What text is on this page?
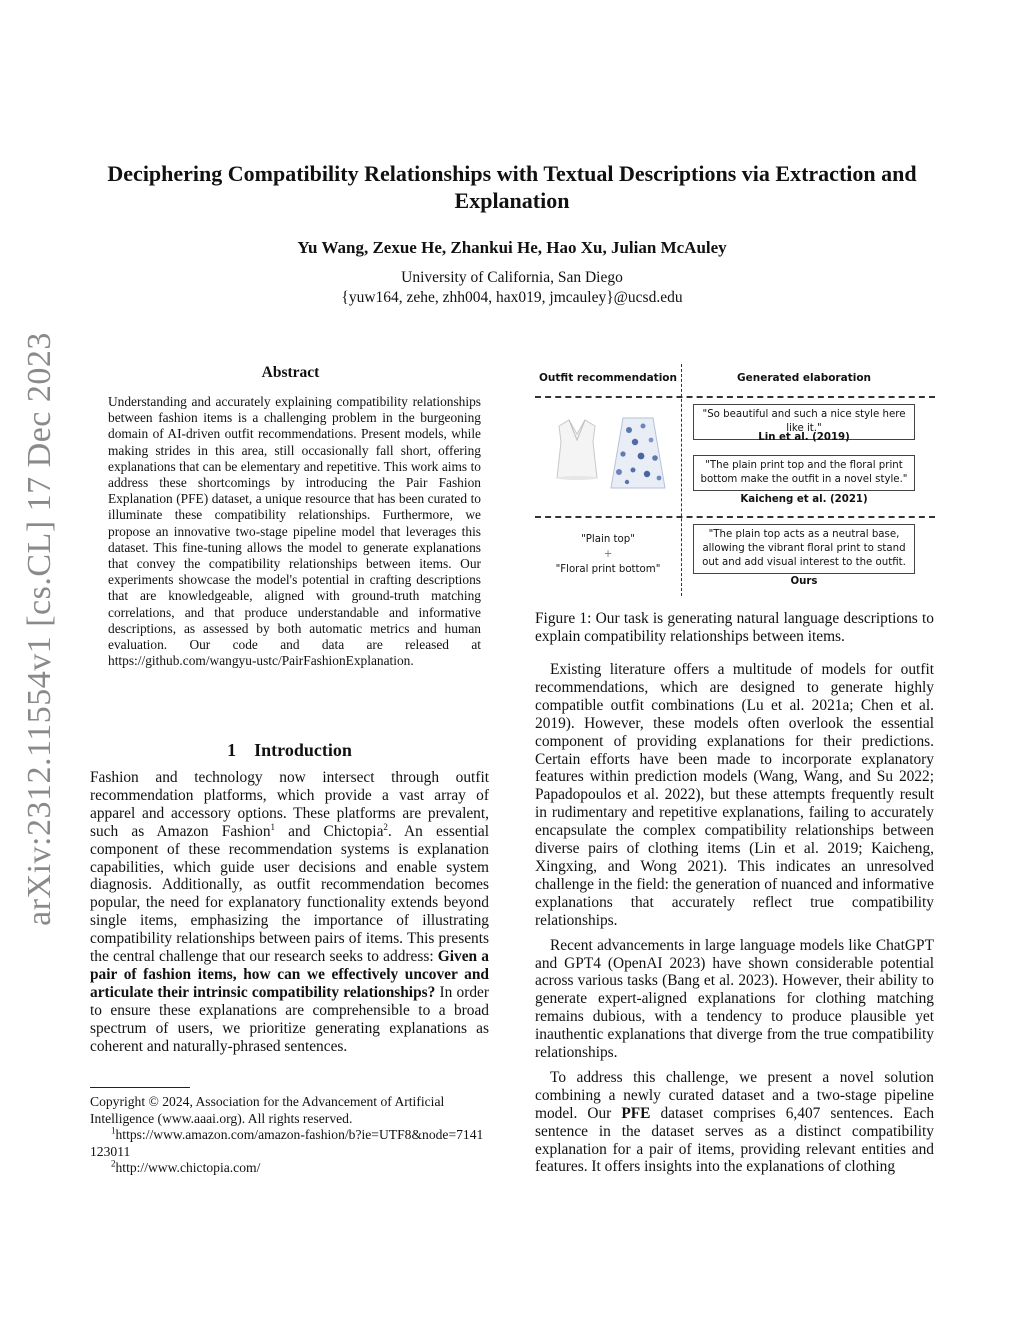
arXiv:2312.11554v1 [cs.CL] 17 Dec 2023
Deciphering Compatibility Relationships with Textual Descriptions via Extraction and Explanation
Yu Wang, Zexue He, Zhankui He, Hao Xu, Julian McAuley
University of California, San Diego
{yuw164, zehe, zhh004, hax019, jmcauley}@ucsd.edu
Abstract
Understanding and accurately explaining compatibility relationships between fashion items is a challenging problem in the burgeoning domain of AI-driven outfit recommendations. Present models, while making strides in this area, still occasionally fall short, offering explanations that can be elementary and repetitive. This work aims to address these shortcomings by introducing the Pair Fashion Explanation (PFE) dataset, a unique resource that has been curated to illuminate these compatibility relationships. Furthermore, we propose an innovative two-stage pipeline model that leverages this dataset. This fine-tuning allows the model to generate explanations that convey the compatibility relationships between items. Our experiments showcase the model's potential in crafting descriptions that are knowledgeable, aligned with ground-truth matching correlations, and that produce understandable and informative descriptions, as assessed by both automatic metrics and human evaluation. Our code and data are released at https://github.com/wangyu-ustc/PairFashionExplanation.
1 Introduction

Fashion and technology now intersect through outfit recommendation platforms, which provide a vast array of apparel and accessory options. These platforms are prevalent, such as Amazon Fashion$^1$ and Chictopia$^2$. An essential component of these recommendation systems is explanation capabilities, which guide user decisions and enable system diagnosis. Additionally, as outfit recommendation becomes popular, the need for explanatory functionality extends beyond single items, emphasizing the importance of illustrating compatibility relationships between pairs of items. This presents the central challenge that our research seeks to address: Given a pair of fashion items, how can we effectively uncover and articulate their intrinsic compatibility relationships? In order to ensure these explanations are comprehensible to a broad spectrum of users, we prioritize generating explanations as coherent and naturally-phrased sentences.

Copyright © 2024, Association for the Advancement of Artificial Intelligence (www.aaai.org). All rights reserved.

$^1$https://www.amazon.com/amazon-fashion/b?ie=UTF8&node=7141123011

$^2$http://www.chictopia.com/

Outfit recommendation	Generated elaboration
"So beautiful and such a nice style here like it."
Lin et al. (2019)
"The plain print top and the floral print bottom make the outfit in a novel style."
Kaicheng et al. (2021)
"Plain top"
+
"Floral print bottom"
"The plain top acts as a neutral base, allowing the vibrant floral print to stand out and add visual interest to the outfit.
Ours
Figure 1: Our task is generating natural language descriptions to explain compatibility relationships between items.

Existing literature offers a multitude of models for outfit recommendations, which are designed to generate highly compatible outfit combinations (Lu et al. 2021a; Chen et al. 2019). However, these models often overlook the essential component of providing explanations for their predictions. Certain efforts have been made to incorporate explanatory features within prediction models (Wang, Wang, and Su 2022; Papadopoulos et al. 2022), but these attempts frequently result in rudimentary and repetitive explanations, failing to accurately encapsulate the complex compatibility relationships between diverse pairs of clothing items (Lin et al. 2019; Kaicheng, Xingxing, and Wong 2021). This indicates an unresolved challenge in the field: the generation of nuanced and informative explanations that accurately reflect true compatibility relationships.

Recent advancements in large language models like ChatGPT and GPT4 (OpenAI 2023) have shown considerable potential across various tasks (Bang et al. 2023). However, their ability to generate expert-aligned explanations for clothing matching remains dubious, with a tendency to produce plausible yet inauthentic explanations that diverge from the true compatibility relationships.

To address this challenge, we present a novel solution combining a newly curated dataset and a two-stage pipeline model. Our PFE dataset comprises 6,407 sentences. Each sentence in the dataset serves as a distinct compatibility explanation for a pair of items, providing relevant entities and features. It offers insights into the explanations of clothing
